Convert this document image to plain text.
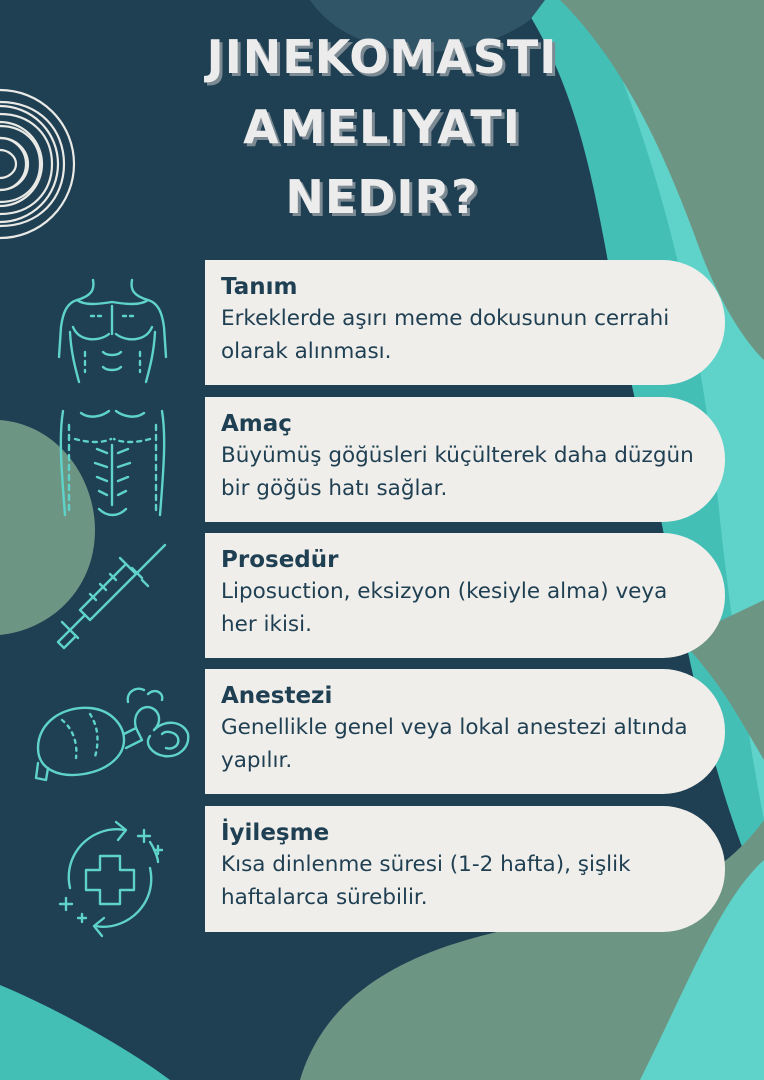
JINEKOMASTI
AMELIYATI
NEDIR?
Tanım
Erkeklerde aşırı meme dokusunun cerrahi olarak alınması.
Amaç
Büyümüş göğüsleri küçülterek daha düzgün bir göğüs hatı sağlar.
Prosedür
Liposuction, eksizyon (kesiyle alma) veya her ikisi.
Anestezi
Genellikle genel veya lokal anestezi altında yapılır.
İyileşme
Kısa dinlenme süresi (1-2 hafta), şişlik haftalarca sürebilir.
